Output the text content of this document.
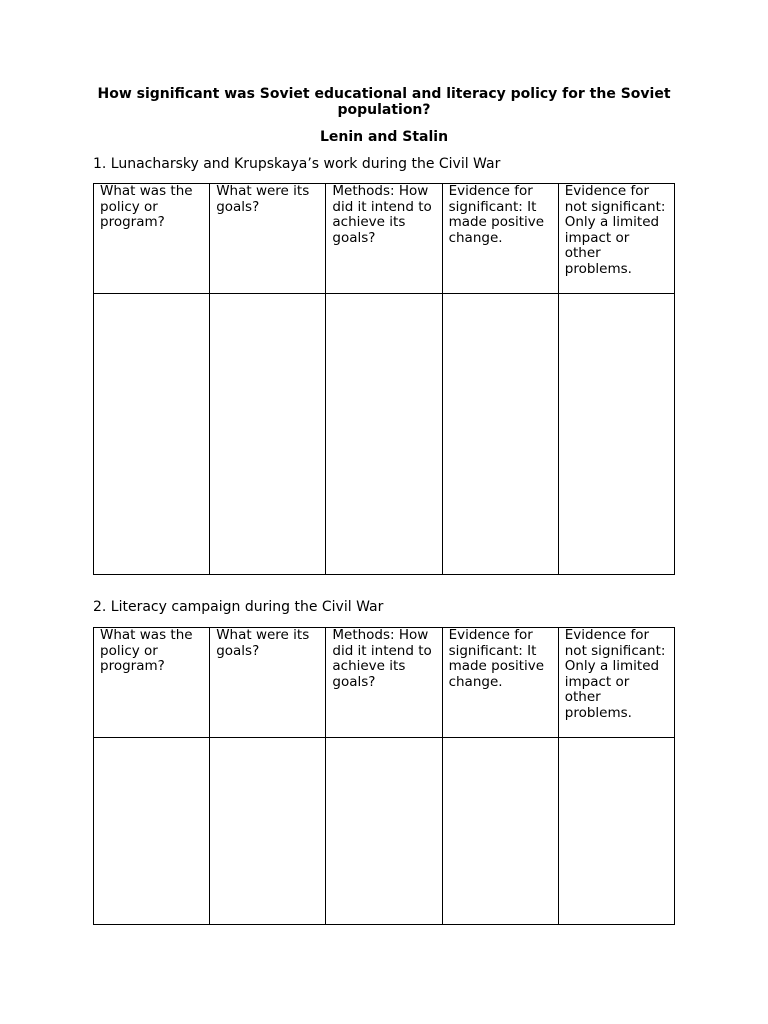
How significant was Soviet educational and literacy policy for the Soviet population?
Lenin and Stalin
1. Lunacharsky and Krupskaya’s work during the Civil War
What was the policy or program?	What were its goals?	Methods: How did it intend to achieve its goals?	Evidence for significant: It made positive change.	Evidence for not significant: Only a limited impact or other problems.

2. Literacy campaign during the Civil War
What was the policy or program?	What were its goals?	Methods: How did it intend to achieve its goals?	Evidence for significant: It made positive change.	Evidence for not significant: Only a limited impact or other problems.
